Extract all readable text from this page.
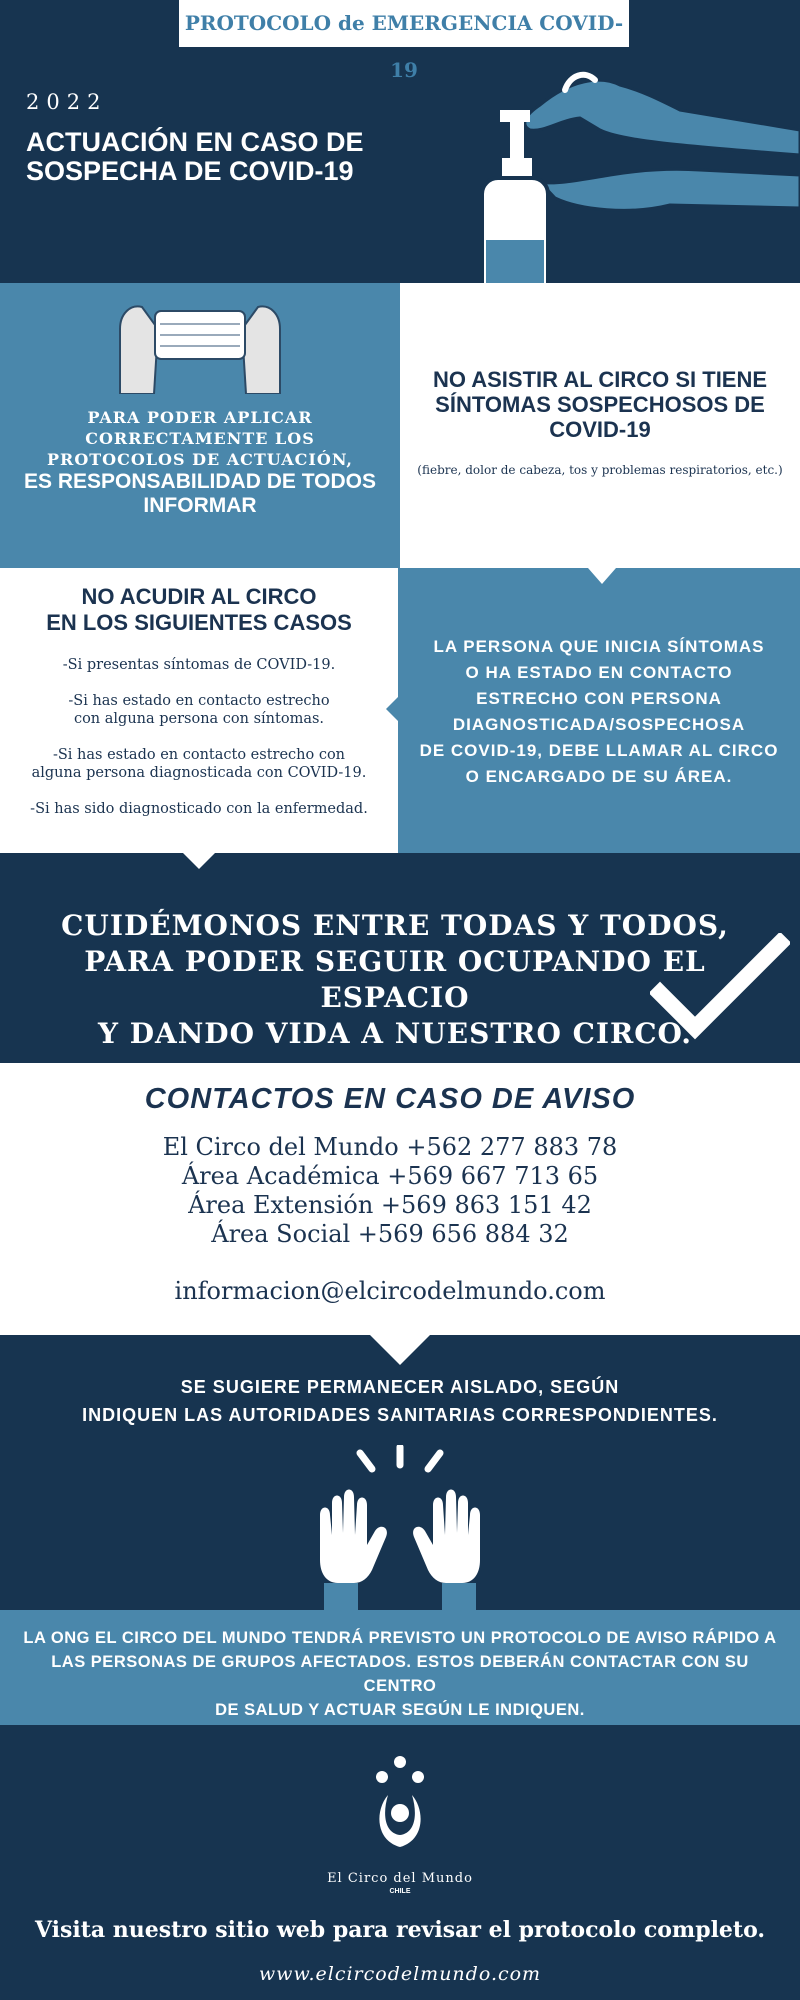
PROTOCOLO de EMERGENCIA COVID-19
2022
ACTUACIÓN EN CASO DE
SOSPECHA DE COVID-19
PARA PODER APLICAR
CORRECTAMENTE LOS
PROTOCOLOS DE ACTUACIÓN,
ES RESPONSABILIDAD DE TODOS
INFORMAR
NO ASISTIR AL CIRCO SI TIENE
SÍNTOMAS SOSPECHOSOS DE
COVID-19
(fiebre, dolor de cabeza, tos y problemas respiratorios, etc.)
NO ACUDIR AL CIRCO
EN LOS SIGUIENTES CASOS

-Si presentas síntomas de COVID-19.

-Si has estado en contacto estrecho
con alguna persona con síntomas.

-Si has estado en contacto estrecho con
alguna persona diagnosticada con COVID-19.

-Si has sido diagnosticado con la enfermedad.

LA PERSONA QUE INICIA SÍNTOMAS
O HA ESTADO EN CONTACTO
ESTRECHO CON PERSONA
DIAGNOSTICADA/SOSPECHOSA
DE COVID-19, DEBE LLAMAR AL CIRCO
O ENCARGADO DE SU ÁREA.
CUIDÉMONOS ENTRE TODAS Y TODOS,
PARA PODER SEGUIR OCUPANDO EL ESPACIO
Y DANDO VIDA A NUESTRO CIRCO.
CONTACTOS EN CASO DE AVISO
El Circo del Mundo +562 277 883 78
Área Académica +569 667 713 65
Área Extensión +569 863 151 42
Área Social +569 656 884 32
informacion@elcircodelmundo.com
SE SUGIERE PERMANECER AISLADO, SEGÚN
INDIQUEN LAS AUTORIDADES SANITARIAS CORRESPONDIENTES.
LA ONG EL CIRCO DEL MUNDO TENDRÁ PREVISTO UN PROTOCOLO DE AVISO RÁPIDO A
LAS PERSONAS DE GRUPOS AFECTADOS. ESTOS DEBERÁN CONTACTAR CON SU CENTRO
DE SALUD Y ACTUAR SEGÚN LE INDIQUEN.
El Circo del Mundo
CHILE
Visita nuestro sitio web para revisar el protocolo completo.
www.elcircodelmundo.com
